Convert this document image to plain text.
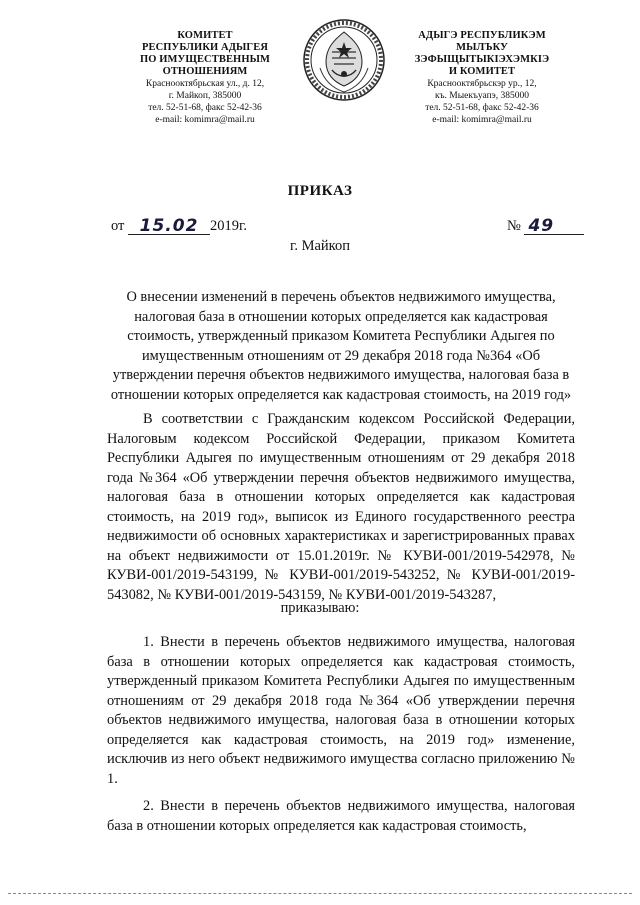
КОМИТЕТ
РЕСПУБЛИКИ АДЫГЕЯ
ПО ИМУЩЕСТВЕННЫМ ОТНОШЕНИЯМ
Краснооктябрьская ул., д. 12,
г. Майкоп, 385000
тел. 52-51-68, факс 52-42-36
e-mail: komimra@mail.ru
АДЫГЭ РЕСПУБЛИКЭМ
МЫЛЪКУ ЗЭФЫЩЫТЫКІЭХЭМКІЭ
И КОМИТЕТ
Краснооктябрьскэр ур., 12,
къ. Мыекъуапэ, 385000
тел. 52-51-68, факс 52-42-36
e-mail: komimra@mail.ru
ПРИКАЗ
от 15.02 2019г.	№ 49
г. Майкоп
О внесении изменений в перечень объектов недвижимого имущества, налоговая база в отношении которых определяется как кадастровая стоимость, утвержденный приказом Комитета Республики Адыгея по имущественным отношениям от 29 декабря 2018 года №364 «Об утверждении перечня объектов недвижимого имущества, налоговая база в отношении которых определяется как кадастровая стоимость, на 2019 год»
В соответствии с Гражданским кодексом Российской Федерации, Налоговым кодексом Российской Федерации, приказом Комитета Республики Адыгея по имущественным отношениям от 29 декабря 2018 года №364 «Об утверждении перечня объектов недвижимого имущества, налоговая база в отношении которых определяется как кадастровая стоимость, на 2019 год», выписок из Единого государственного реестра недвижимости об основных характеристиках и зарегистрированных правах на объект недвижимости от 15.01.2019г. № КУВИ-001/2019-542978, № КУВИ-001/2019-543199, № КУВИ-001/2019-543252, № КУВИ-001/2019-543082, № КУВИ-001/2019-543159, № КУВИ-001/2019-543287,
приказываю:
1. Внести в перечень объектов недвижимого имущества, налоговая база в отношении которых определяется как кадастровая стоимость, утвержденный приказом Комитета Республики Адыгея по имущественным отношениям от 29 декабря 2018 года №364 «Об утверждении перечня объектов недвижимого имущества, налоговая база в отношении которых определяется как кадастровая стоимость, на 2019 год» изменение, исключив из него объект недвижимого имущества согласно приложению № 1.
2. Внести в перечень объектов недвижимого имущества, налоговая база в отношении которых определяется как кадастровая стоимость,
